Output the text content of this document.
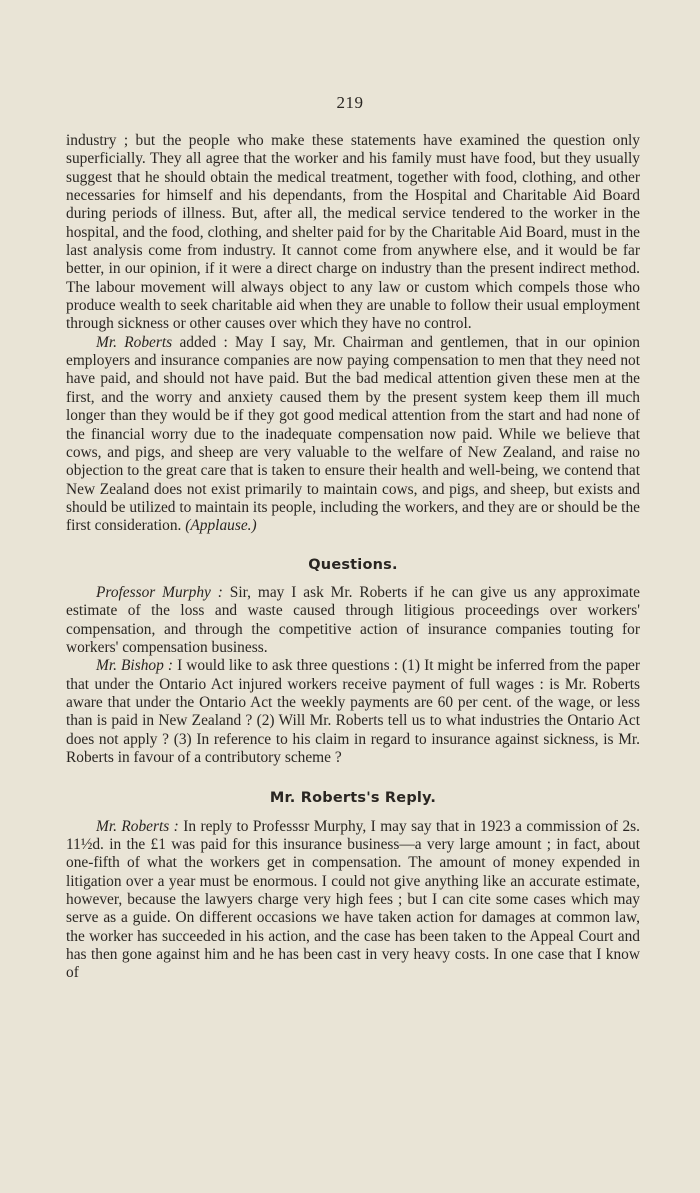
219

industry ; but the people who make these statements have examined the question only superficially. They all agree that the worker and his family must have food, but they usually suggest that he should obtain the medical treatment, together with food, clothing, and other necessaries for himself and his dependants, from the Hospital and Charitable Aid Board during periods of illness. But, after all, the medical service tendered to the worker in the hospital, and the food, clothing, and shelter paid for by the Charitable Aid Board, must in the last analysis come from industry. It cannot come from anywhere else, and it would be far better, in our opinion, if it were a direct charge on industry than the present indirect method. The labour movement will always object to any law or custom which compels those who produce wealth to seek charitable aid when they are unable to follow their usual employment through sickness or other causes over which they have no control.

Mr. Roberts added : May I say, Mr. Chairman and gentlemen, that in our opinion employers and insurance companies are now paying compensation to men that they need not have paid, and should not have paid. But the bad medical attention given these men at the first, and the worry and anxiety caused them by the present system keep them ill much longer than they would be if they got good medical attention from the start and had none of the financial worry due to the inadequate compensation now paid. While we believe that cows, and pigs, and sheep are very valuable to the welfare of New Zealand, and raise no objection to the great care that is taken to ensure their health and well-being, we contend that New Zealand does not exist primarily to maintain cows, and pigs, and sheep, but exists and should be utilized to maintain its people, including the workers, and they are or should be the first consideration. (Applause.)

Questions.

Professor Murphy : Sir, may I ask Mr. Roberts if he can give us any approximate estimate of the loss and waste caused through litigious proceedings over workers' compensation, and through the competitive action of insurance companies touting for workers' compensation business.

Mr. Bishop : I would like to ask three questions : (1) It might be inferred from the paper that under the Ontario Act injured workers receive payment of full wages : is Mr. Roberts aware that under the Ontario Act the weekly payments are 60 per cent. of the wage, or less than is paid in New Zealand ? (2) Will Mr. Roberts tell us to what industries the Ontario Act does not apply ? (3) In reference to his claim in regard to insurance against sickness, is Mr. Roberts in favour of a contributory scheme ?

Mr. Roberts's Reply.

Mr. Roberts : In reply to Professsr Murphy, I may say that in 1923 a commission of 2s. 11½d. in the £1 was paid for this insurance business—a very large amount ; in fact, about one-fifth of what the workers get in compensation. The amount of money expended in litigation over a year must be enormous. I could not give anything like an accurate estimate, however, because the lawyers charge very high fees ; but I can cite some cases which may serve as a guide. On different occasions we have taken action for damages at common law, the worker has succeeded in his action, and the case has been taken to the Appeal Court and has then gone against him and he has been cast in very heavy costs. In one case that I know of
